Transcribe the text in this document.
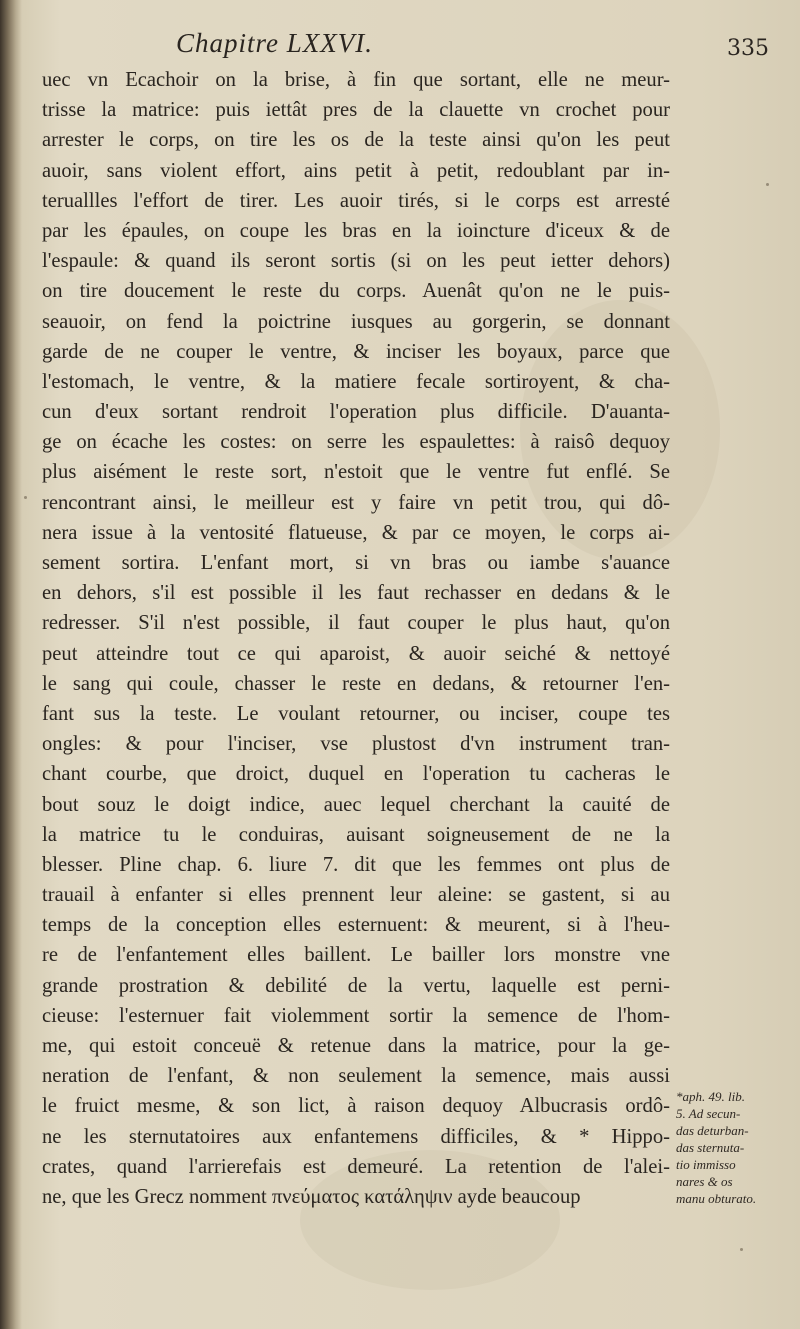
Chapitre LXXVI.	335
uec vn Ecachoir on la brise, à fin que sortant, elle ne meur-
trisse la matrice: puis iettât pres de la clauette vn crochet pour
arrester le corps, on tire les os de la teste ainsi qu'on les peut
auoir, sans violent effort, ains petit à petit, redoublant par in-
teruallles l'effort de tirer. Les auoir tirés, si le corps est arresté
par les épaules, on coupe les bras en la ioincture d'iceux & de
l'espaule: & quand ils seront sortis (si on les peut ietter dehors)
on tire doucement le reste du corps. Auenât qu'on ne le puis-
seauoir, on fend la poictrine iusques au gorgerin, se donnant
garde de ne couper le ventre, & inciser les boyaux, parce que
l'estomach, le ventre, & la matiere fecale sortiroyent, & cha-
cun d'eux sortant rendroit l'operation plus difficile. D'auanta-
ge on écache les costes: on serre les espaulettes: à raisô dequoy
plus aisément le reste sort, n'estoit que le ventre fut enflé. Se
rencontrant ainsi, le meilleur est y faire vn petit trou, qui dô-
nera issue à la ventosité flatueuse, & par ce moyen, le corps ai-
sement sortira. L'enfant mort, si vn bras ou iambe s'auance
en dehors, s'il est possible il les faut rechasser en dedans & le
redresser. S'il n'est possible, il faut couper le plus haut, qu'on
peut atteindre tout ce qui aparoist, & auoir seiché & nettoyé
le sang qui coule, chasser le reste en dedans, & retourner l'en-
fant sus la teste. Le voulant retourner, ou inciser, coupe tes
ongles: & pour l'inciser, vse plustost d'vn instrument tran-
chant courbe, que droict, duquel en l'operation tu cacheras le
bout souz le doigt indice, auec lequel cherchant la cauité de
la matrice tu le conduiras, auisant soigneusement de ne la
blesser. Pline chap. 6. liure 7. dit que les femmes ont plus de
trauail à enfanter si elles prennent leur aleine: se gastent, si au
temps de la conception elles esternuent: & meurent, si à l'heu-
re de l'enfantement elles baillent. Le bailler lors monstre vne
grande prostration & debilité de la vertu, laquelle est perni-
cieuse: l'esternuer fait violemment sortir la semence de l'hom-
me, qui estoit conceuë & retenue dans la matrice, pour la ge-
neration de l'enfant, & non seulement la semence, mais aussi
le fruict mesme, & son lict, à raison dequoy Albucrasis ordô-
ne les sternutatoires aux enfantemens difficiles, & * Hippo-
crates, quand l'arrierefais est demeuré. La retention de l'alei-
ne, que les Grecz nomment πνεύματος κατάληψιν ayde beaucoup
*aph. 49. lib.
5. Ad secun-
das deturban-
das sternuta-
tio immisso
nares & os
manu obturato.
